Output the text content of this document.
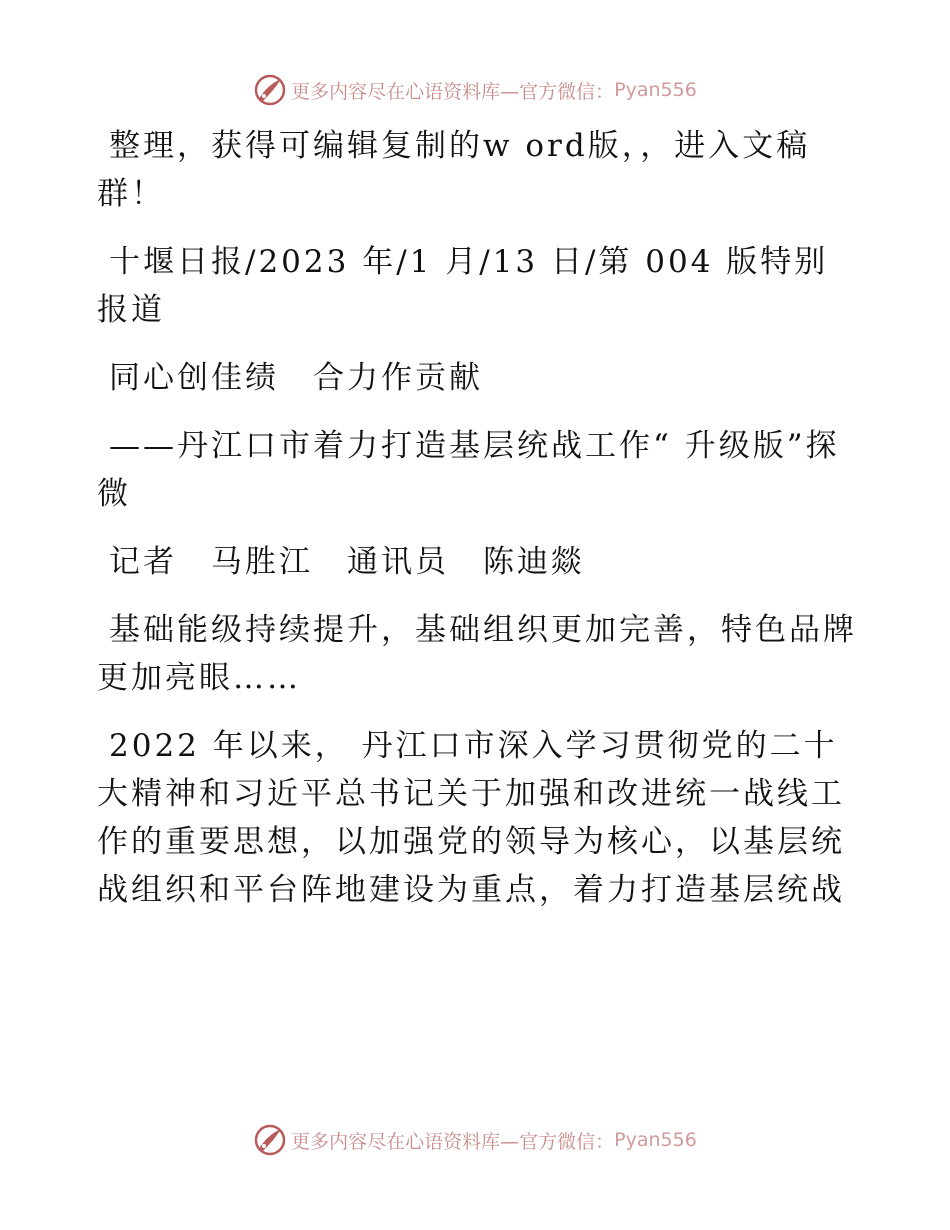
更多内容尽在心语资料库—官方微信： Pyan556

整理，获得可编辑复制的w ord版，，进入文稿群！

十堰日报/2023 年/1 月/13 日/第 004 版特别报道

同心创佳绩　合力作贡献

——丹江口市着力打造基层统战工作“ 升级版”探微

记者　马胜江　通讯员　陈迪燚

基础能级持续提升，基础组织更加完善，特色品牌更加亮眼……

2022 年以来， 丹江口市深入学习贯彻党的二十大精神和习近平总书记关于加强和改进统一战线工作的重要思想，以加强党的领导为核心，以基层统战组织和平台阵地建设为重点，着力打造基层统战

更多内容尽在心语资料库—官方微信： Pyan556
